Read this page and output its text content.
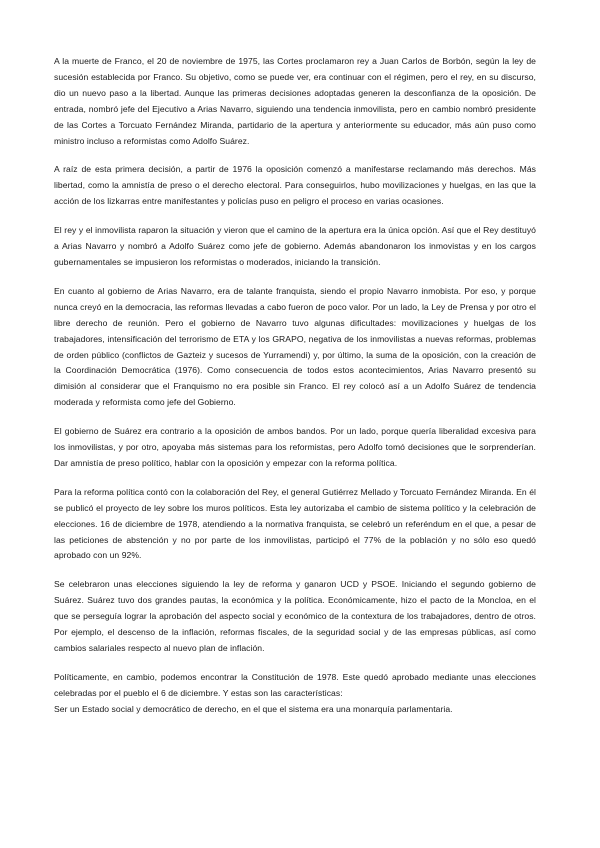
A la muerte de Franco, el 20 de noviembre de 1975, las Cortes proclamaron rey a Juan Carlos de Borbón, según la ley de sucesión establecida por Franco. Su objetivo, como se puede ver, era continuar con el régimen, pero el rey, en su discurso, dio un nuevo paso a la libertad. Aunque las primeras decisiones adoptadas generen la desconfianza de la oposición. De entrada, nombró jefe del Ejecutivo a Arias Navarro, siguiendo una tendencia inmovilista, pero en cambio nombró presidente de las Cortes a Torcuato Fernández Miranda, partidario de la apertura y anteriormente su educador, más aún puso como ministro incluso a reformistas como Adolfo Suárez.

A raíz de esta primera decisión, a partir de 1976 la oposición comenzó a manifestarse reclamando más derechos. Más libertad, como la amnistía de preso o el derecho electoral. Para conseguirlos, hubo movilizaciones y huelgas, en las que la acción de los lizkarras entre manifestantes y policías puso en peligro el proceso en varias ocasiones.

El rey y el inmovilista raparon la situación y vieron que el camino de la apertura era la única opción. Así que el Rey destituyó a Arias Navarro y nombró a Adolfo Suárez como jefe de gobierno. Además abandonaron los inmovistas y en los cargos gubernamentales se impusieron los reformistas o moderados, iniciando la transición.

En cuanto al gobierno de Arias Navarro, era de talante franquista, siendo el propio Navarro inmobista. Por eso, y porque nunca creyó en la democracia, las reformas llevadas a cabo fueron de poco valor. Por un lado, la Ley de Prensa y por otro el libre derecho de reunión. Pero el gobierno de Navarro tuvo algunas dificultades: movilizaciones y huelgas de los trabajadores, intensificación del terrorismo de ETA y los GRAPO, negativa de los inmovilistas a nuevas reformas, problemas de orden público (conflictos de Gazteiz y sucesos de Yurramendi) y, por último, la suma de la oposición, con la creación de la Coordinación Democrática (1976). Como consecuencia de todos estos acontecimientos, Arias Navarro presentó su dimisión al considerar que el Franquismo no era posible sin Franco. El rey colocó así a un Adolfo Suárez de tendencia moderada y reformista como jefe del Gobierno.

El gobierno de Suárez era contrario a la oposición de ambos bandos. Por un lado, porque quería liberalidad excesiva para los inmovilistas, y por otro, apoyaba más sistemas para los reformistas, pero Adolfo tomó decisiones que le sorprenderían. Dar amnistía de preso político, hablar con la oposición y empezar con la reforma política.

Para la reforma política contó con la colaboración del Rey, el general Gutiérrez Mellado y Torcuato Fernández Miranda. En él se publicó el proyecto de ley sobre los muros políticos. Esta ley autorizaba el cambio de sistema político y la celebración de elecciones. 16 de diciembre de 1978, atendiendo a la normativa franquista, se celebró un referéndum en el que, a pesar de las peticiones de abstención y no por parte de los inmovilistas, participó el 77% de la población y no sólo eso quedó aprobado con un 92%.

Se celebraron unas elecciones siguiendo la ley de reforma y ganaron UCD y PSOE. Iniciando el segundo gobierno de Suárez. Suárez tuvo dos grandes pautas, la económica y la política. Económicamente, hizo el pacto de la Moncloa, en el que se perseguía lograr la aprobación del aspecto social y económico de la contextura de los trabajadores, dentro de otros. Por ejemplo, el descenso de la inflación, reformas fiscales, de la seguridad social y de las empresas públicas, así como cambios salariales respecto al nuevo plan de inflación.

Políticamente, en cambio, podemos encontrar la Constitución de 1978. Este quedó aprobado mediante unas elecciones celebradas por el pueblo el 6 de diciembre. Y estas son las características:
Ser un Estado social y democrático de derecho, en el que el sistema era una monarquía parlamentaria.
